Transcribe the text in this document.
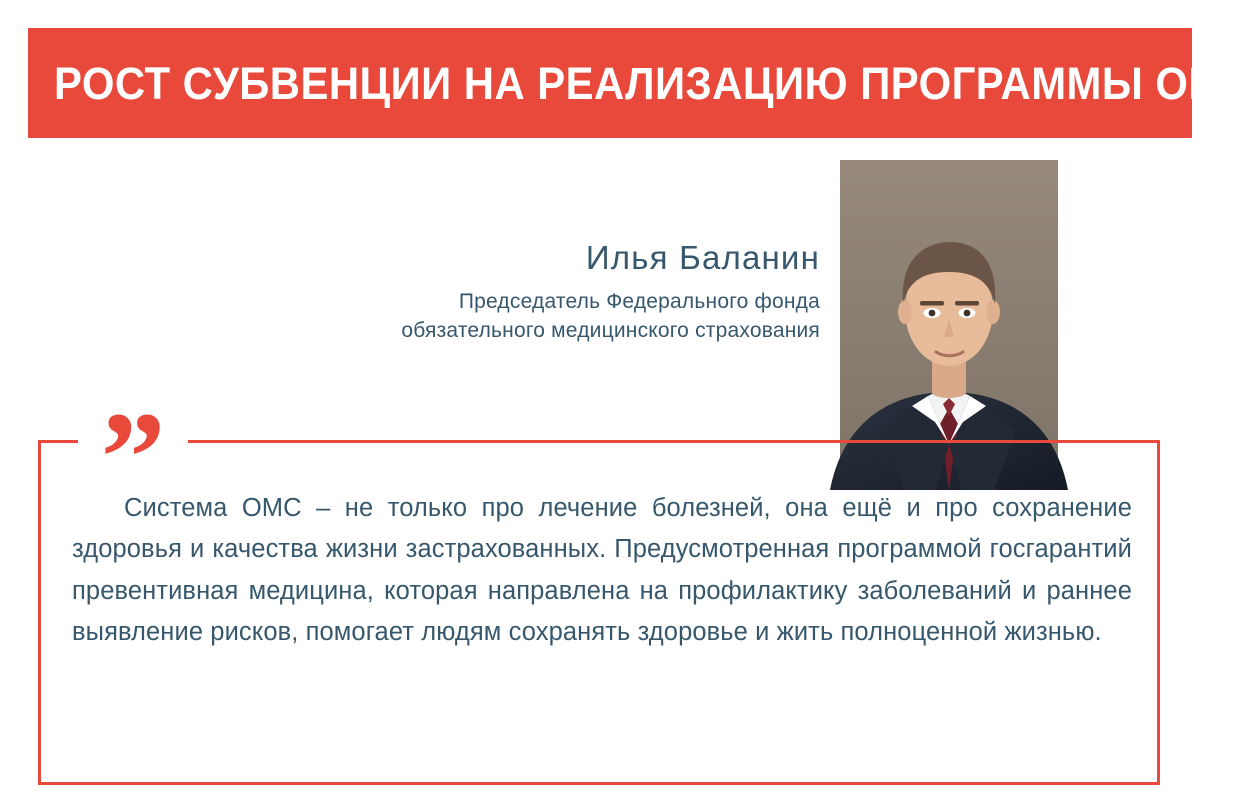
РОСТ СУБВЕНЦИИ НА РЕАЛИЗАЦИЮ ПРОГРАММЫ ОМС
Илья Баланин
Председатель Федерального фонда
обязательного медицинского страхования
”
Система ОМС – не только про лечение болезней, она ещё и про сохранение здоровья и качества жизни застрахованных. Предусмотренная программой госгарантий превентивная медицина, которая направлена на профилактику заболеваний и раннее выявление рисков, помогает людям сохранять здоровье и жить полноценной жизнью.
